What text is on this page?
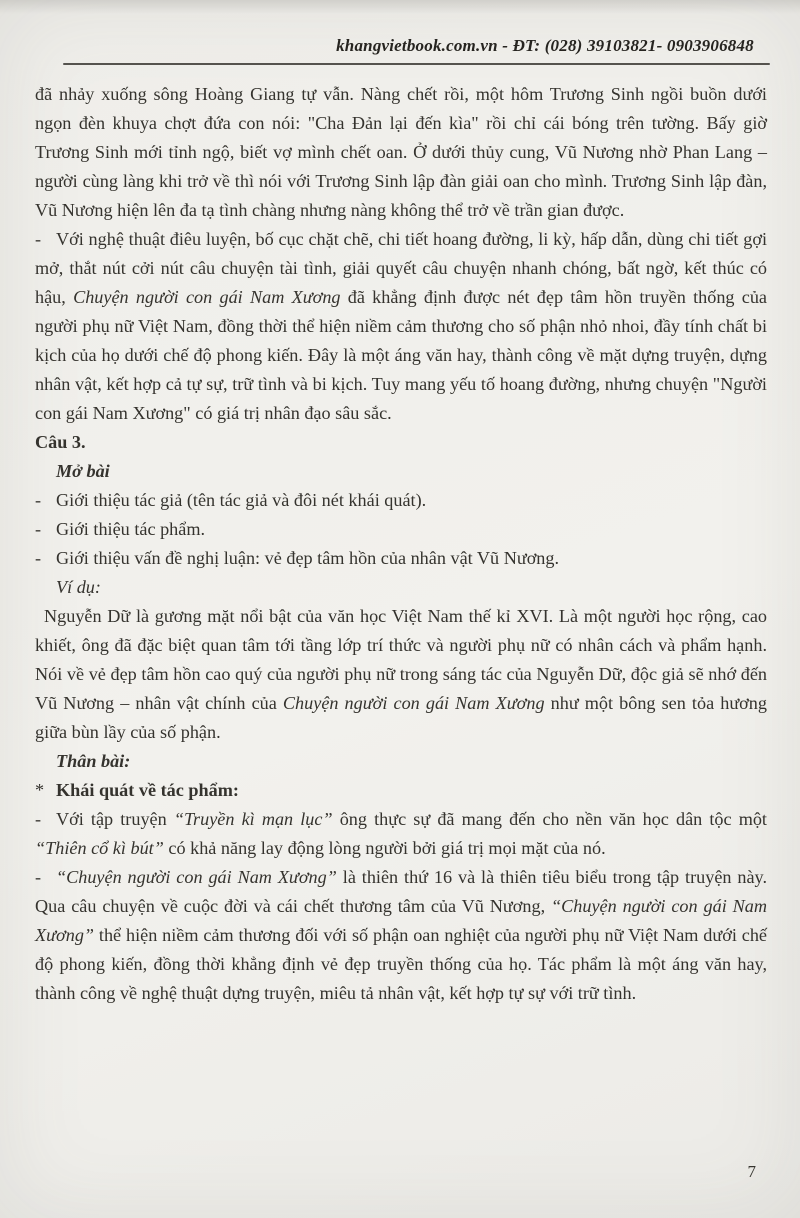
khangvietbook.com.vn - ĐT: (028) 39103821- 0903906848

đã nhảy xuống sông Hoàng Giang tự vẫn. Nàng chết rồi, một hôm Trương Sinh ngồi buồn dưới ngọn đèn khuya chợt đứa con nói: "Cha Đản lại đến kìa" rồi chỉ cái bóng trên tường. Bấy giờ Trương Sinh mới tỉnh ngộ, biết vợ mình chết oan. Ở dưới thủy cung, Vũ Nương nhờ Phan Lang – người cùng làng khi trở về thì nói với Trương Sinh lập đàn giải oan cho mình. Trương Sinh lập đàn, Vũ Nương hiện lên đa tạ tình chàng nhưng nàng không thể trở về trần gian được.

- Với nghệ thuật điêu luyện, bố cục chặt chẽ, chi tiết hoang đường, li kỳ, hấp dẫn, dùng chi tiết gợi mở, thắt nút cởi nút câu chuyện tài tình, giải quyết câu chuyện nhanh chóng, bất ngờ, kết thúc có hậu, Chuyện người con gái Nam Xương đã khẳng định được nét đẹp tâm hồn truyền thống của người phụ nữ Việt Nam, đồng thời thể hiện niềm cảm thương cho số phận nhỏ nhoi, đầy tính chất bi kịch của họ dưới chế độ phong kiến. Đây là một áng văn hay, thành công về mặt dựng truyện, dựng nhân vật, kết hợp cả tự sự, trữ tình và bi kịch. Tuy mang yếu tố hoang đường, nhưng chuyện "Người con gái Nam Xương" có giá trị nhân đạo sâu sắc.

Câu 3.

Mở bài

- Giới thiệu tác giả (tên tác giả và đôi nét khái quát).

- Giới thiệu tác phẩm.

- Giới thiệu vấn đề nghị luận: vẻ đẹp tâm hồn của nhân vật Vũ Nương.

Ví dụ:

Nguyễn Dữ là gương mặt nổi bật của văn học Việt Nam thế kỉ XVI. Là một người học rộng, cao khiết, ông đã đặc biệt quan tâm tới tầng lớp trí thức và người phụ nữ có nhân cách và phẩm hạnh. Nói về vẻ đẹp tâm hồn cao quý của người phụ nữ trong sáng tác của Nguyễn Dữ, độc giả sẽ nhớ đến Vũ Nương – nhân vật chính của Chuyện người con gái Nam Xương như một bông sen tỏa hương giữa bùn lầy của số phận.

Thân bài:

* Khái quát về tác phẩm:

- Với tập truyện “Truyền kì mạn lục” ông thực sự đã mang đến cho nền văn học dân tộc một “Thiên cổ kì bút” có khả năng lay động lòng người bởi giá trị mọi mặt của nó.

- “Chuyện người con gái Nam Xương” là thiên thứ 16 và là thiên tiêu biểu trong tập truyện này. Qua câu chuyện về cuộc đời và cái chết thương tâm của Vũ Nương, “Chuyện người con gái Nam Xương” thể hiện niềm cảm thương đối với số phận oan nghiệt của người phụ nữ Việt Nam dưới chế độ phong kiến, đồng thời khẳng định vẻ đẹp truyền thống của họ. Tác phẩm là một áng văn hay, thành công về nghệ thuật dựng truyện, miêu tả nhân vật, kết hợp tự sự với trữ tình.

7
